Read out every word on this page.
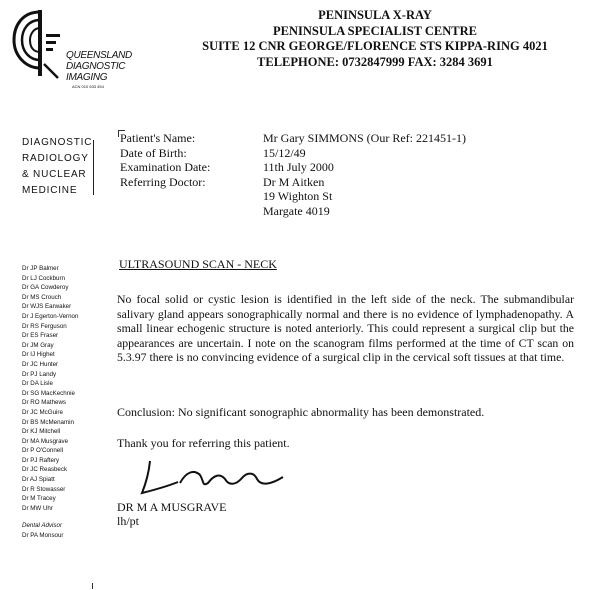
QUEENSLAND
DIAGNOSTIC
IMAGING
ACN 010 633 454
PENINSULA X-RAY
PENINSULA SPECIALIST CENTRE
SUITE 12 CNR GEORGE/FLORENCE STS KIPPA-RING 4021
TELEPHONE: 0732847999 FAX: 3284 3691
DIAGNOSTIC
RADIOLOGY
& NUCLEAR
MEDICINE
Dr JP Balmer
Dr LJ Cockburn
Dr GA Cowderoy
Dr MS Crouch
Dr WJS Earwaker
Dr J Egerton-Vernon
Dr RS Ferguson
Dr ES Fraser
Dr JM Gray
Dr IJ Highet
Dr JC Hunter
Dr PJ Landy
Dr DA Lisle
Dr SG MacKechnie
Dr RO Mathews
Dr JC McGuire
Dr BS McMenamin
Dr KJ Mitchell
Dr MA Musgrave
Dr P O'Connell
Dr PJ Raftery
Dr JC Reasbeck
Dr AJ Spiatt
Dr R Stowasser
Dr M Tracey
Dr MW Uhr
Dental Advisor
Dr PA Monsour
Patient's Name:	Mr Gary SIMMONS (Our Ref: 221451-1)
Date of Birth:	15/12/49
Examination Date:	11th July 2000
Referring Doctor:	Dr M Aitken
19 Wighton St
Margate 4019
ULTRASOUND SCAN - NECK
No focal solid or cystic lesion is identified in the left side of the neck. The submandibular salivary gland appears sonographically normal and there is no evidence of lymphadenopathy. A small linear echogenic structure is noted anteriorly. This could represent a surgical clip but the appearances are uncertain. I note on the scanogram films performed at the time of CT scan on 5.3.97 there is no convincing evidence of a surgical clip in the cervical soft tissues at that time.
Conclusion: No significant sonographic abnormality has been demonstrated.
Thank you for referring this patient.
DR M A MUSGRAVE
lh/pt
